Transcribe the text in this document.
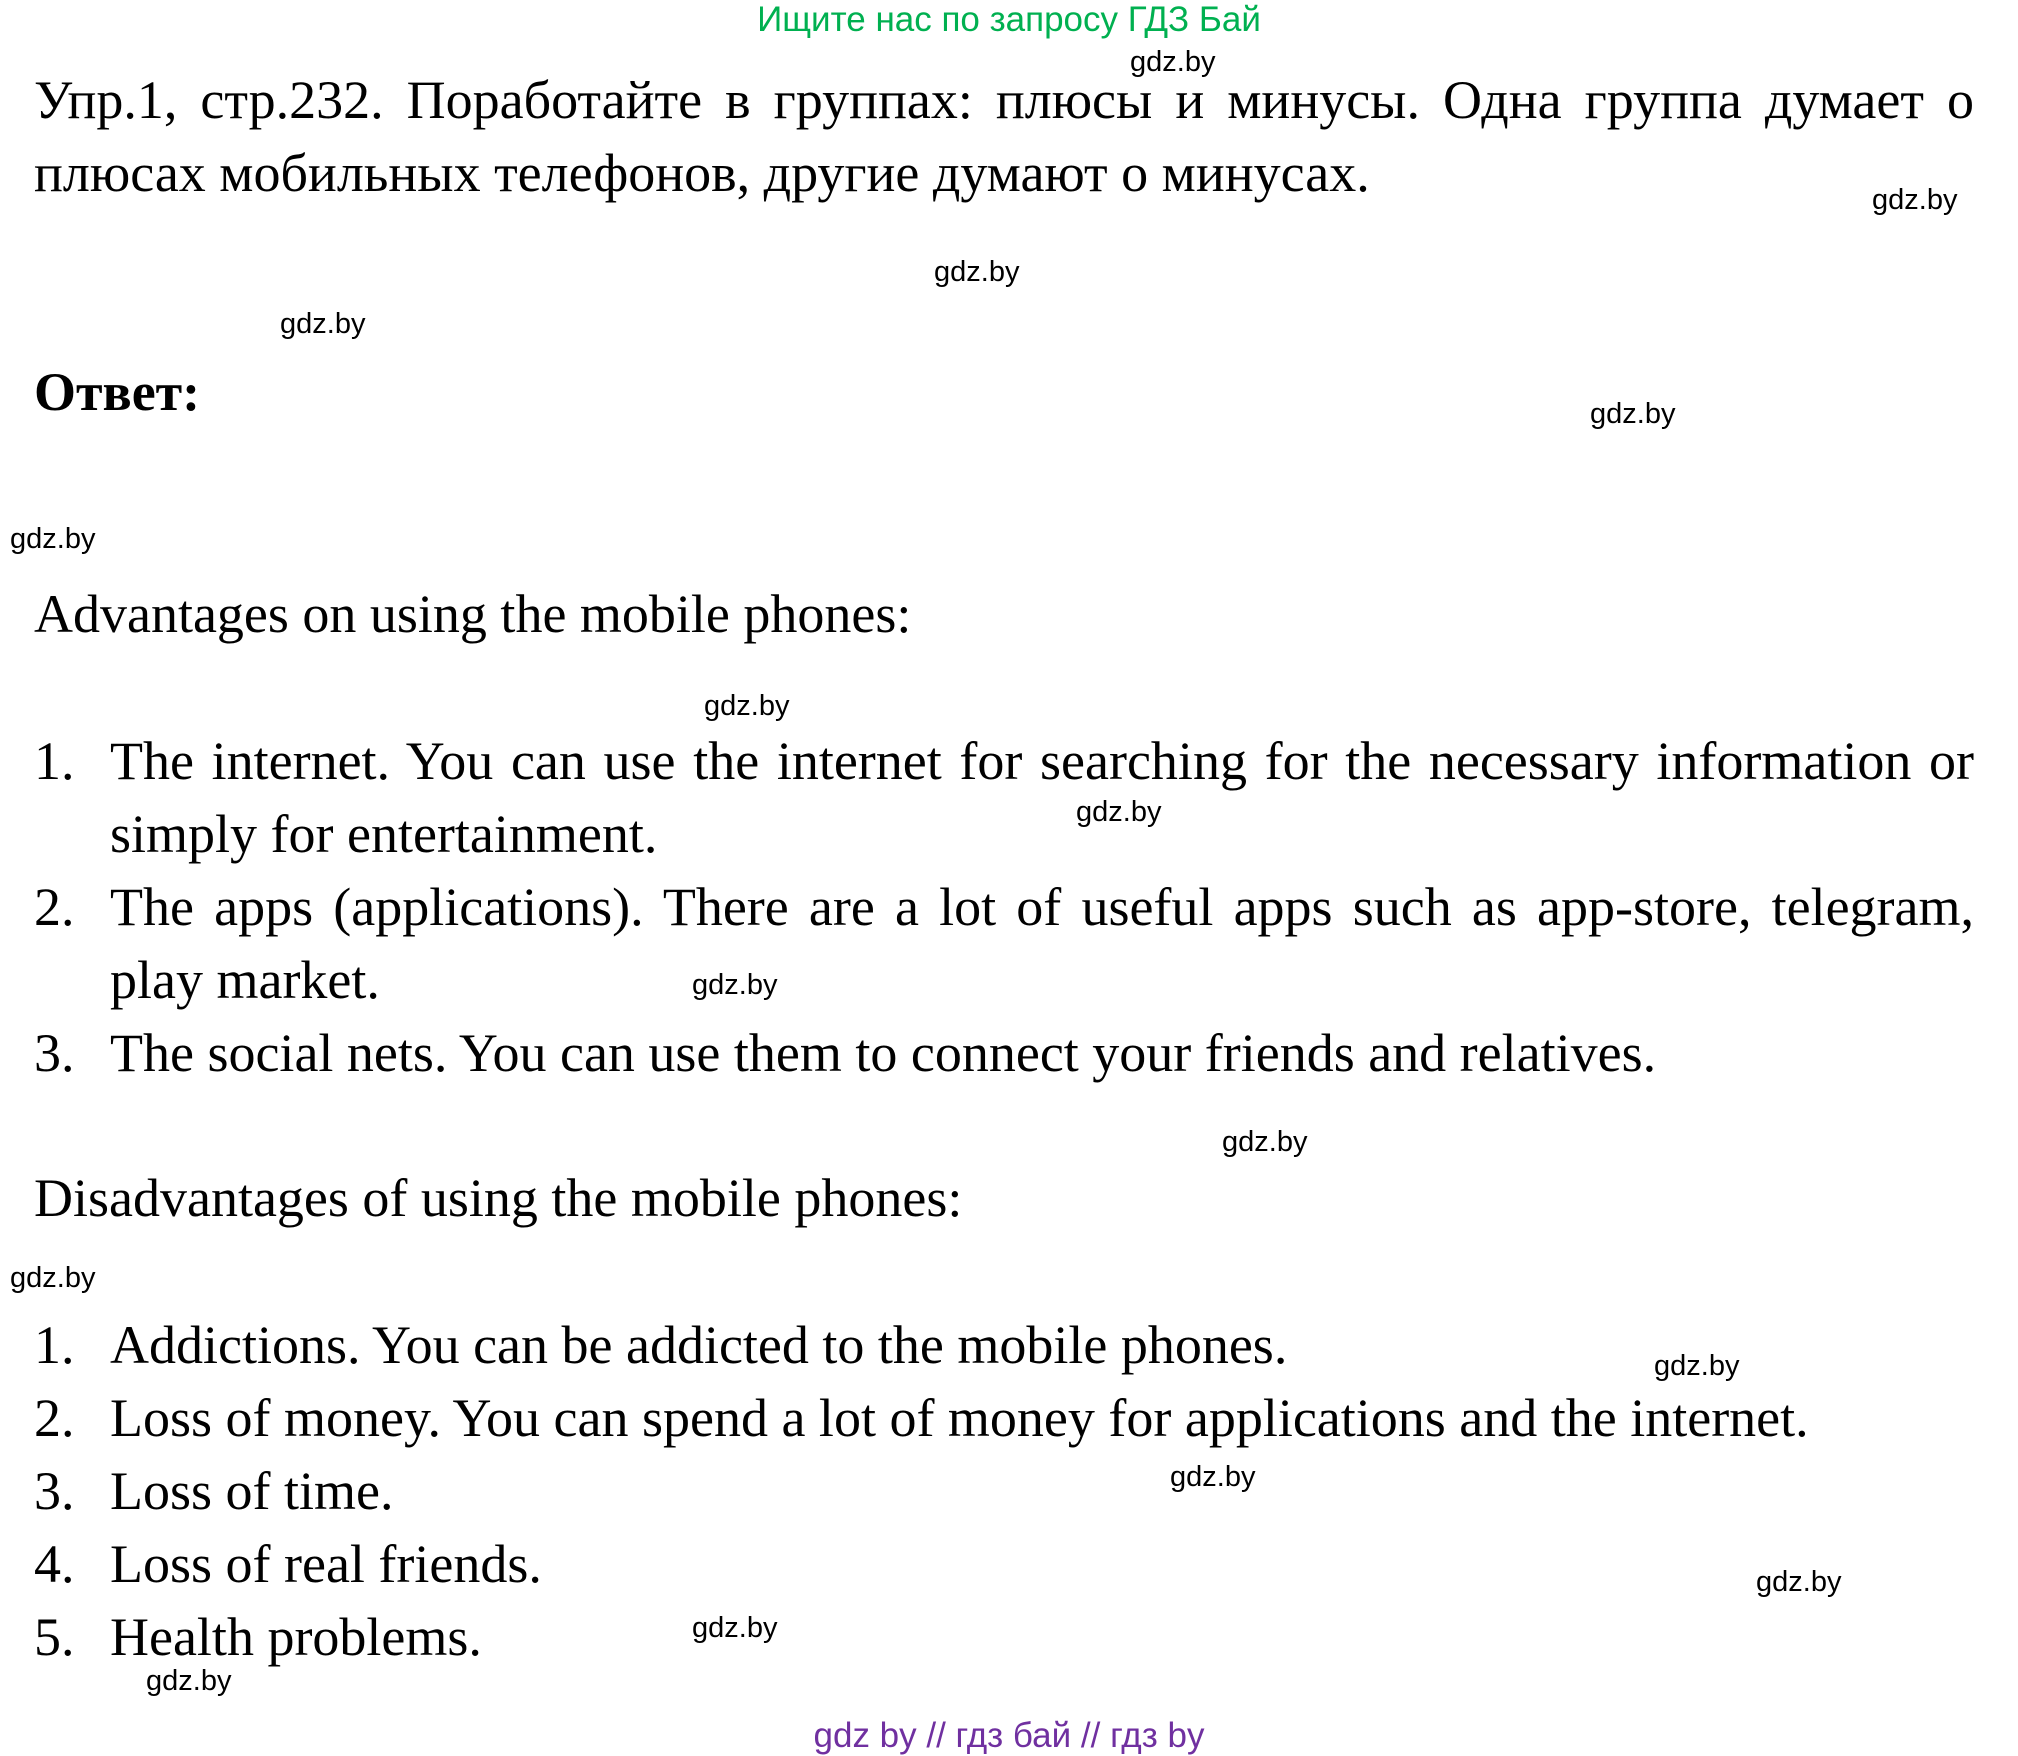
Ищите нас по запросу ГДЗ Бай
Упр.1, стр.232. Поработайте в группах: плюсы и минусы. Одна группа думает о плюсах мобильных телефонов, другие думают о минусах.
Ответ:
Advantages on using the mobile phones:
1. The internet. You can use the internet for searching for the necessary information or simply for entertainment.
2. The apps (applications). There are a lot of useful apps such as app-store, telegram, play market.
3. The social nets. You can use them to connect your friends and relatives.
Disadvantages of using the mobile phones:
1. Addictions. You can be addicted to the mobile phones.
2. Loss of money. You can spend a lot of money for applications and the internet.
3. Loss of time.
4. Loss of real friends.
5. Health problems.
gdz.by
gdz.by
gdz.by
gdz.by
gdz.by
gdz.by
gdz.by
gdz.by
gdz.by
gdz.by
gdz.by
gdz.by
gdz.by
gdz.by
gdz.by
gdz.by
gdz by // гдз бай // гдз by
